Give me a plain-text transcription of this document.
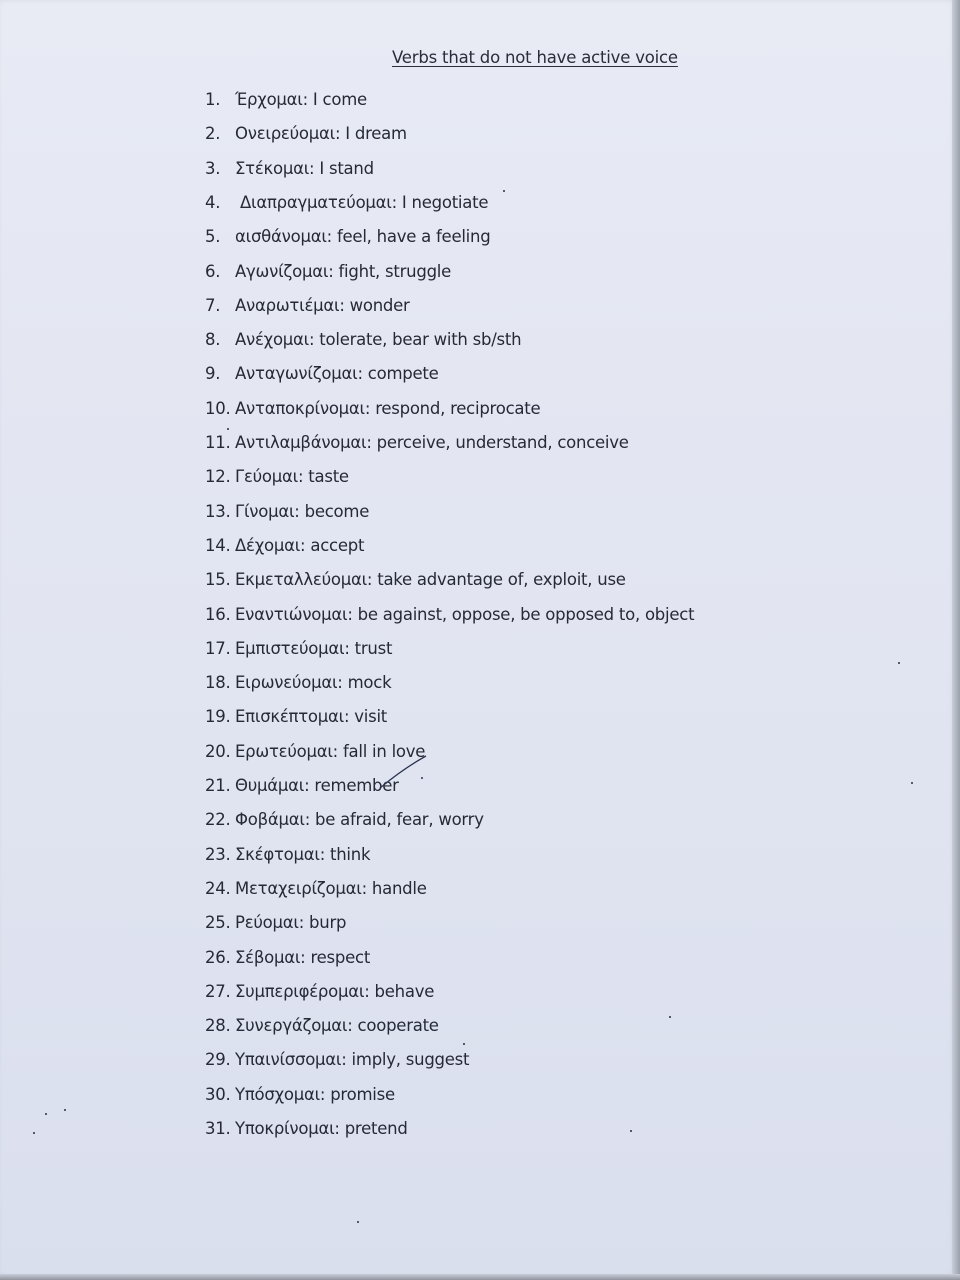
Verbs that do not have active voice
1. Έρχομαι: I come
2. Ονειρεύομαι: I dream
3. Στέκομαι: I stand
4.	Διαπραγματεύομαι: I negotiate
5. αισθάνομαι: feel, have a feeling
6. Αγωνίζομαι: fight, struggle
7. Αναρωτιέμαι: wonder
8. Ανέχομαι: tolerate, bear with sb/sth
9. Ανταγωνίζομαι: compete
10. Ανταποκρίνομαι: respond, reciprocate
11. Αντιλαμβάνομαι: perceive, understand, conceive
12. Γεύομαι: taste
13. Γίνομαι: become
14. Δέχομαι: accept
15. Εκμεταλλεύομαι: take advantage of, exploit, use
16. Εναντιώνομαι: be against, oppose, be opposed to, object
17. Εμπιστεύομαι: trust
18. Ειρωνεύομαι: mock
19. Επισκέπτομαι: visit
20. Ερωτεύομαι: fall in love
21. Θυμάμαι: remember
22. Φοβάμαι: be afraid, fear, worry
23. Σκέφτομαι: think
24. Μεταχειρίζομαι: handle
25. Ρεύομαι: burp
26. Σέβομαι: respect
27. Συμπεριφέρομαι: behave
28. Συνεργάζομαι: cooperate
29. Υπαινίσσομαι: imply, suggest
30. Υπόσχομαι: promise
31. Υποκρίνομαι: pretend
